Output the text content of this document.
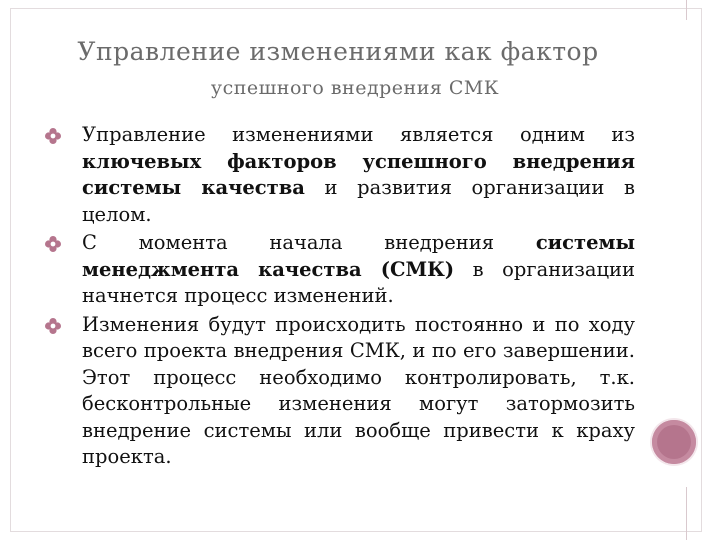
Управление изменениями как фактор
успешного внедрения СМК
Управление изменениями является одним из ключевых факторов успешного внедрения системы качества и развития организации в целом.
С момента начала внедрения системы менеджмента качества (СМК) в организации начнется процесс изменений.
Изменения будут происходить постоянно и по ходу всего проекта внедрения СМК, и по его завершении. Этот процесс необходимо контролировать, т.к. бесконтрольные изменения могут затормозить внедрение системы или вообще привести к краху проекта.
